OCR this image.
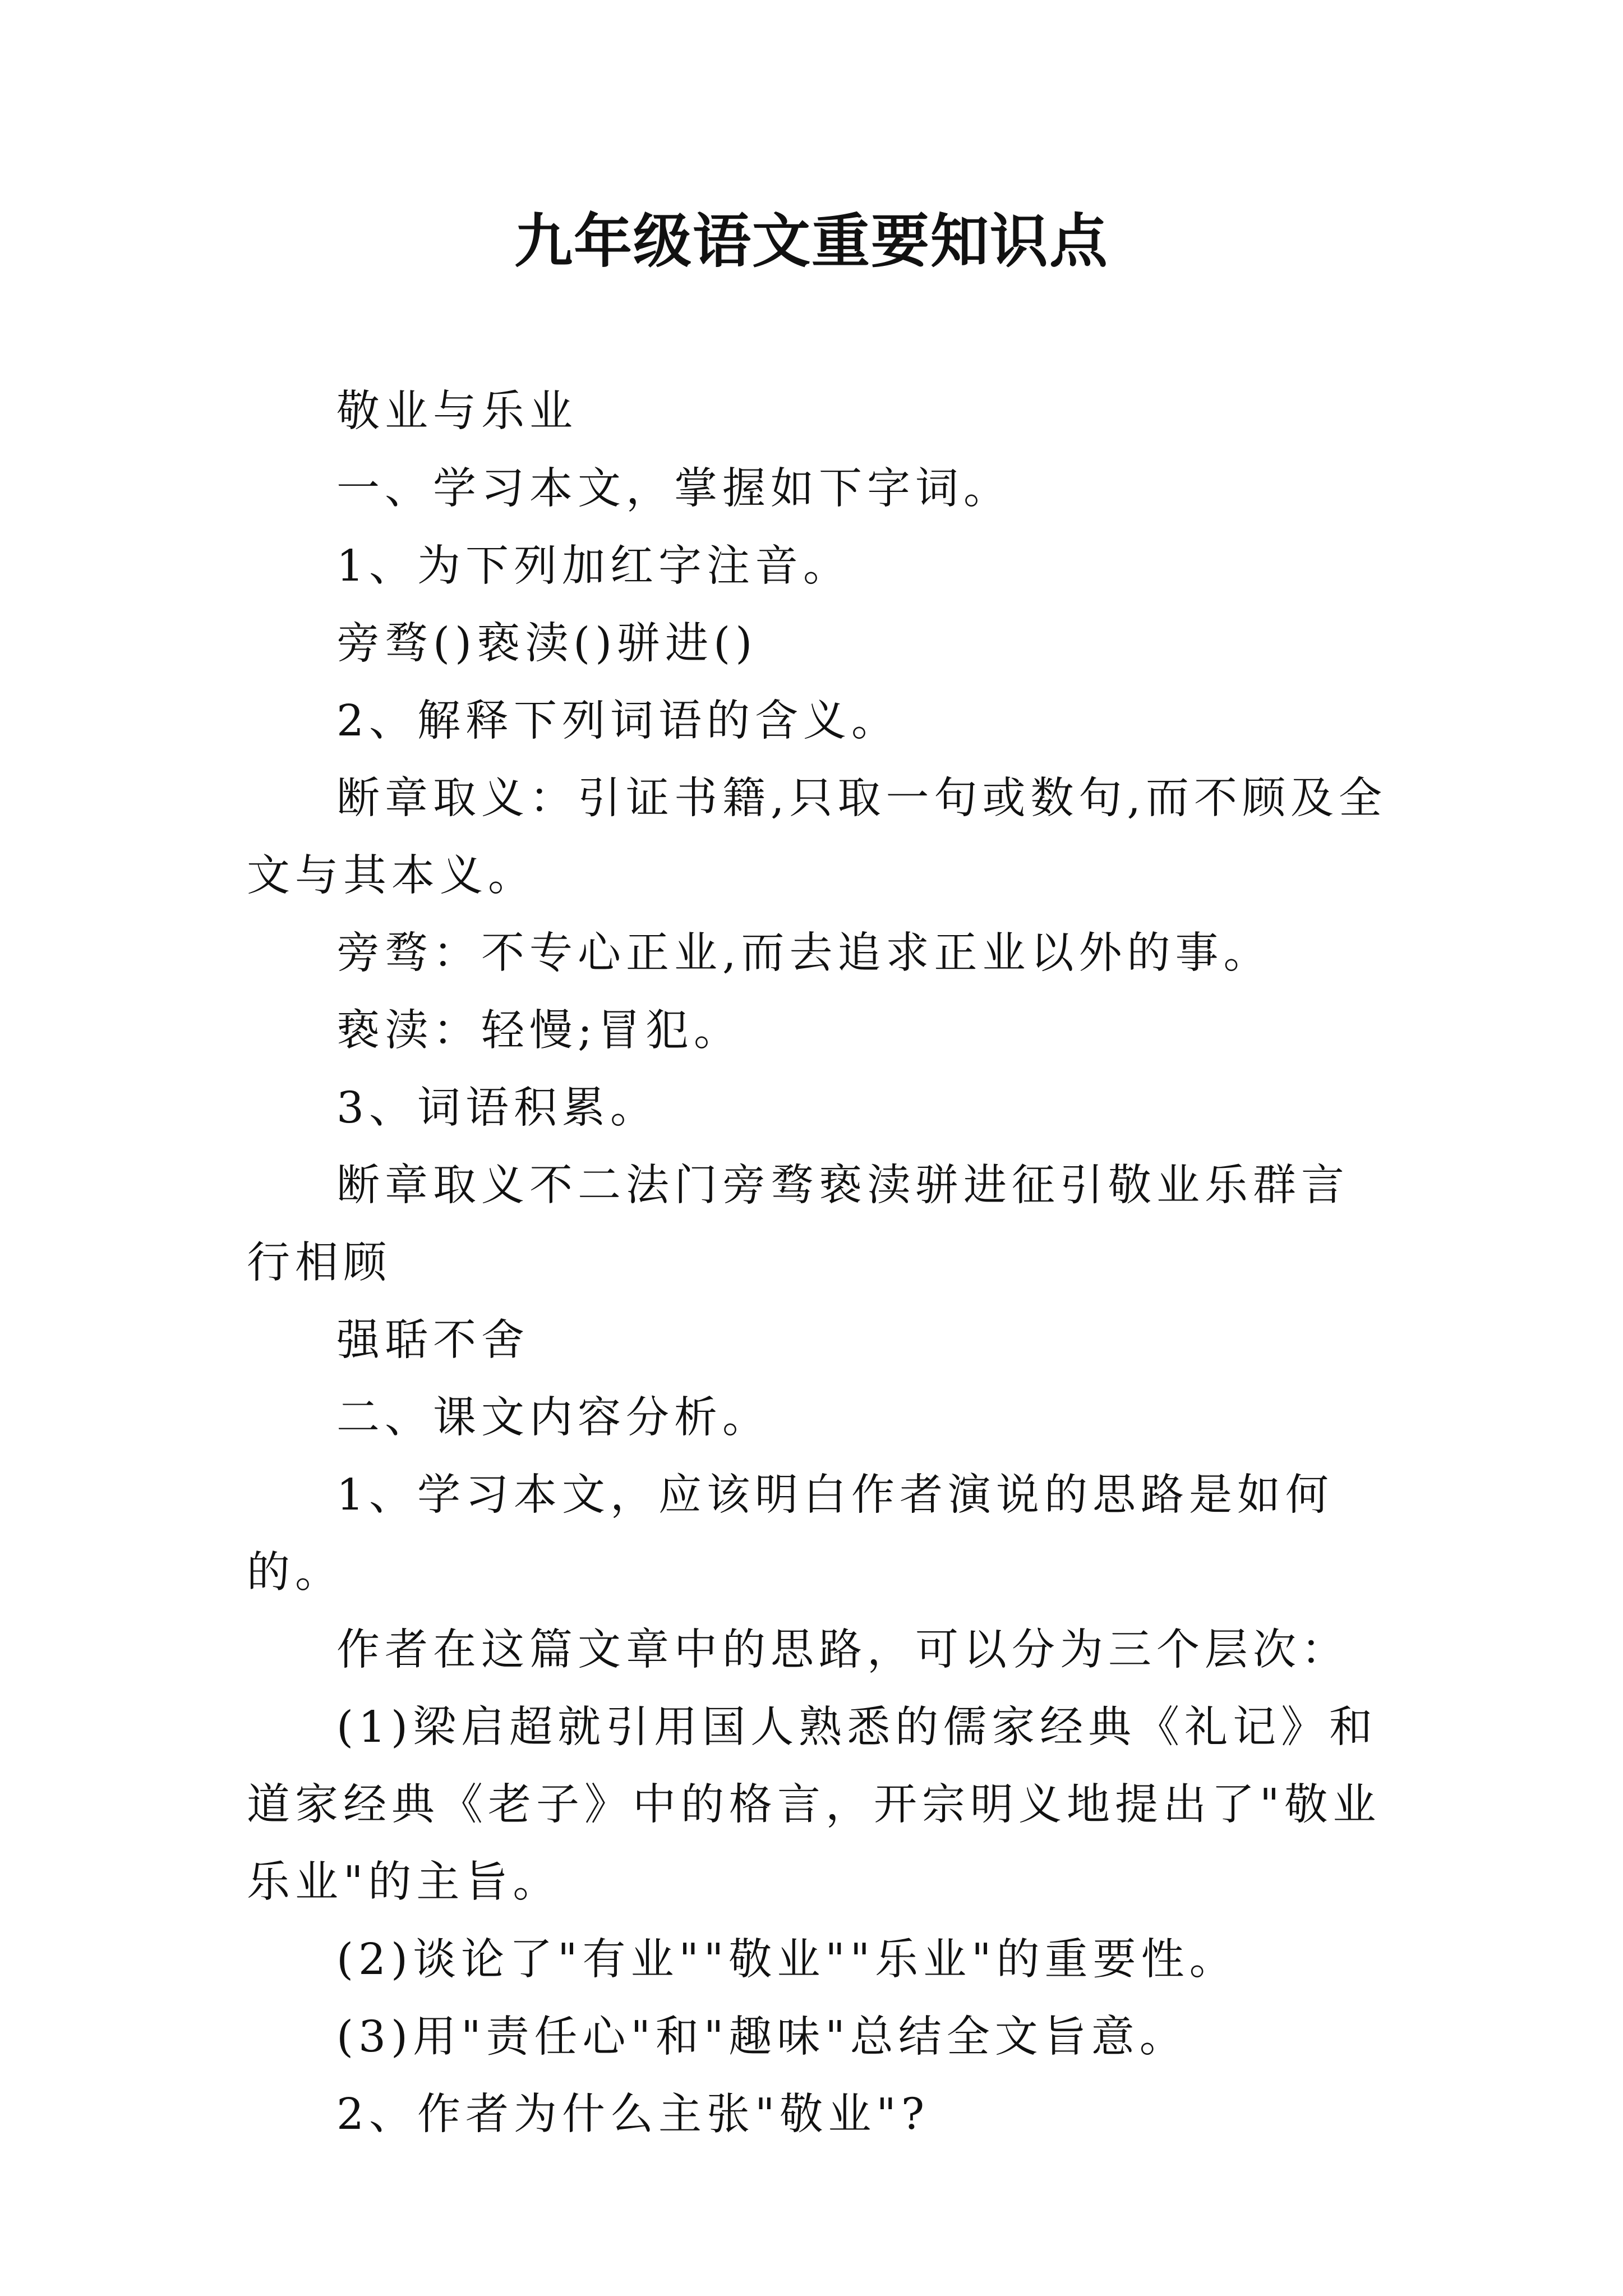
九年级语文重要知识点

敬业与乐业

一、学习本文，掌握如下字词。

1、为下列加红字注音。

旁骛()亵渎()骈进()

2、解释下列词语的含义。

断章取义：引证书籍,只取一句或数句,而不顾及全文与其本义。

旁骛：不专心正业,而去追求正业以外的事。

亵渎：轻慢;冒犯。

3、词语积累。

断章取义不二法门旁骛亵渎骈进征引敬业乐群言行相顾

强聒不舍

二、课文内容分析。

1、学习本文，应该明白作者演说的思路是如何的。

作者在这篇文章中的思路，可以分为三个层次：

(1)梁启超就引用国人熟悉的儒家经典《礼记》和道家经典《老子》中的格言，开宗明义地提出了"敬业乐业"的主旨。

(2)谈论了"有业""敬业""乐业"的重要性。

(3)用"责任心"和"趣味"总结全文旨意。

2、作者为什么主张"敬业"?
